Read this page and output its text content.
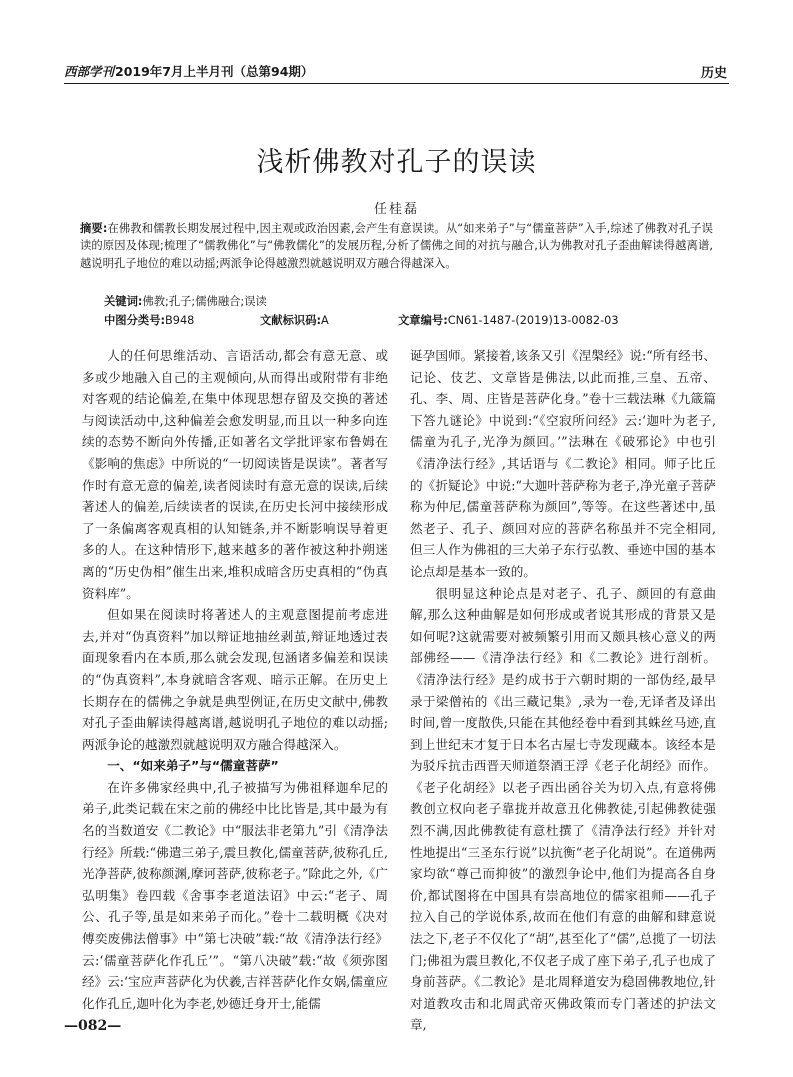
西部学刊2019年7月上半月刊（总第94期）	历史
浅析佛教对孔子的误读
任桂磊
摘要:在佛教和儒教长期发展过程中,因主观或政治因素,会产生有意误读。从“如来弟子”与“儒童菩萨”入手,综述了佛教对孔子误读的原因及体现;梳理了“儒教佛化”与“佛教儒化”的发展历程,分析了儒佛之间的对抗与融合,认为佛教对孔子歪曲解读得越离谱,越说明孔子地位的难以动摇;两派争论得越激烈就越说明双方融合得越深入。
关键词:佛教;孔子;儒佛融合;误读
中图分类号:B948	文献标识码:A	文章编号:CN61-1487-(2019)13-0082-03

人的任何思维活动、言语活动,都会有意无意、或多或少地融入自己的主观倾向,从而得出或附带有非绝对客观的结论偏差,在集中体现思想存留及交换的著述与阅读活动中,这种偏差会愈发明显,而且以一种多向连续的态势不断向外传播,正如著名文学批评家布鲁姆在《影响的焦虑》中所说的“一切阅读皆是误读”。著者写作时有意无意的偏差,读者阅读时有意无意的误读,后续著述人的偏差,后续读者的误读,在历史长河中接续形成了一条偏离客观真相的认知链条,并不断影响误导着更多的人。在这种情形下,越来越多的著作被这种扑朔迷离的“历史伪相”催生出来,堆积成暗含历史真相的“伪真资料库”。

但如果在阅读时将著述人的主观意图提前考虑进去,并对“伪真资料”加以辩证地抽丝剥茧,辩证地透过表面现象看内在本质,那么就会发现,包涵诸多偏差和误读的“伪真资料”,本身就暗含客观、暗示正解。在历史上长期存在的儒佛之争就是典型例证,在历史文献中,佛教对孔子歪曲解读得越离谱,越说明孔子地位的难以动摇;两派争论的越激烈就越说明双方融合得越深入。

一、“如来弟子”与“儒童菩萨”

在许多佛家经典中,孔子被描写为佛祖释迦牟尼的弟子,此类记载在宋之前的佛经中比比皆是,其中最为有名的当数道安《二教论》中“服法非老第九”引《清净法行经》所载:“佛遣三弟子,震旦教化,儒童菩萨,彼称孔丘,光净菩萨,彼称颜渊,摩诃菩萨,彼称老子。”除此之外,《广弘明集》卷四载《舍事李老道法诏》中云:“老子、周公、孔子等,虽是如来弟子而化。”卷十二载明概《决对傅奕废佛法僧事》中“第七决破”载:“故《清净法行经》云:‘儒童菩萨化作孔丘’”。“第八决破”载:“故《须弥图经》云:‘宝应声菩萨化为伏羲,吉祥菩萨化作女娲,儒童应化作孔丘,迦叶化为李老,妙德迁身开士,能儒

诞孕国师。紧接着,该条又引《涅槃经》说:“所有经书、记论、伎艺、文章皆是佛法,以此而推,三皇、五帝、孔、李、周、庄皆是菩萨化身。”卷十三载法琳《九箴篇下答九谜论》中说到:“《空寂所问经》云:‘迦叶为老子,儒童为孔子,光净为颜回。’”法琳在《破邪论》中也引《清净法行经》,其话语与《二教论》相同。师子比丘的《折疑论》中说:“大迦叶菩萨称为老子,净光童子菩萨称为仲尼,儒童菩萨称为颜回”,等等。在这些著述中,虽然老子、孔子、颜回对应的菩萨名称虽并不完全相同,但三人作为佛祖的三大弟子东行弘教、垂迹中国的基本论点却是基本一致的。

很明显这种论点是对老子、孔子、颜回的有意曲解,那么这种曲解是如何形成或者说其形成的背景又是如何呢?这就需要对被频繁引用而又颇具核心意义的两部佛经——《清净法行经》和《二教论》进行剖析。《清净法行经》是约成书于六朝时期的一部伪经,最早录于梁僧祐的《出三藏记集》,录为一卷,无译者及译出时间,曾一度散佚,只能在其他经卷中看到其蛛丝马迹,直到上世纪末才复于日本名古屋七寺发现藏本。该经本是为驳斥抗击西晋天师道祭酒王浮《老子化胡经》而作。《老子化胡经》以老子西出函谷关为切入点,有意将佛教创立权向老子靠拢并故意丑化佛教徒,引起佛教徒强烈不满,因此佛教徒有意杜撰了《清净法行经》并针对性地提出“三圣东行说”以抗衡“老子化胡说”。在道佛两家均欲“尊己而抑彼”的激烈争论中,他们为提高各自身价,都试图将在中国具有崇高地位的儒家祖师——孔子拉入自己的学说体系,故而在他们有意的曲解和肆意说法之下,老子不仅化了“胡”,甚至化了“儒”,总揽了一切法门;佛祖为震旦教化,不仅老子成了座下弟子,孔子也成了身前菩萨。《二教论》是北周释道安为稳固佛教地位,针对道教攻击和北周武帝灭佛政策而专门著述的护法文章,

—082—
